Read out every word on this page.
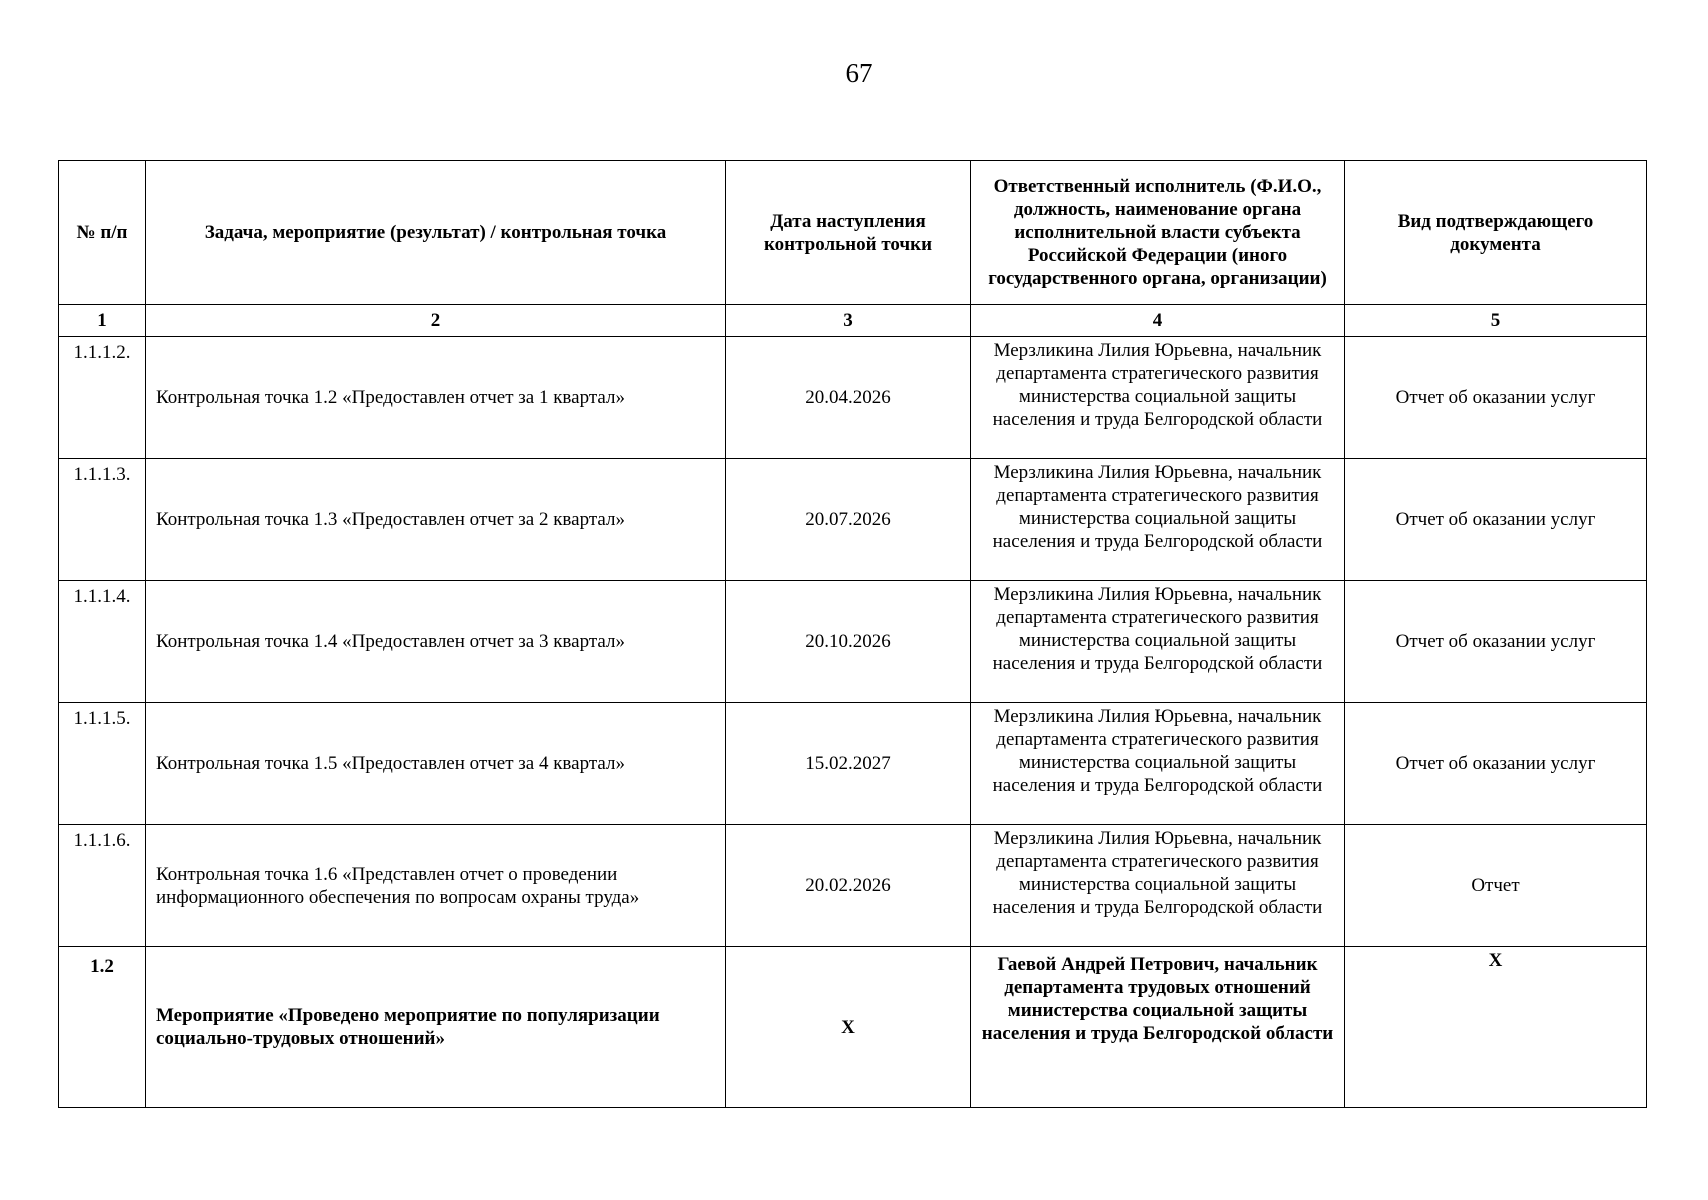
67
№ п/п	Задача, мероприятие (результат) / контрольная точка	Дата наступления контрольной точки	Ответственный исполнитель (Ф.И.О., должность, наименование органа исполнительной власти субъекта Российской Федерации (иного государственного органа, организации)	Вид подтверждающего документа
1	2	3	4	5
1.1.1.2.	Контрольная точка 1.2 «Предоставлен отчет за 1 квартал»	20.04.2026	Мерзликина Лилия Юрьевна, начальник департамента стратегического развития министерства социальной защиты населения и труда Белгородской области	Отчет об оказании услуг
1.1.1.3.	Контрольная точка 1.3 «Предоставлен отчет за 2 квартал»	20.07.2026	Мерзликина Лилия Юрьевна, начальник департамента стратегического развития министерства социальной защиты населения и труда Белгородской области	Отчет об оказании услуг
1.1.1.4.	Контрольная точка 1.4 «Предоставлен отчет за 3 квартал»	20.10.2026	Мерзликина Лилия Юрьевна, начальник департамента стратегического развития министерства социальной защиты населения и труда Белгородской области	Отчет об оказании услуг
1.1.1.5.	Контрольная точка 1.5 «Предоставлен отчет за 4 квартал»	15.02.2027	Мерзликина Лилия Юрьевна, начальник департамента стратегического развития министерства социальной защиты населения и труда Белгородской области	Отчет об оказании услуг
1.1.1.6.	Контрольная точка 1.6 «Представлен отчет о проведении информационного обеспечения по вопросам охраны труда»	20.02.2026	Мерзликина Лилия Юрьевна, начальник департамента стратегического развития министерства социальной защиты населения и труда Белгородской области	Отчет
1.2	Мероприятие «Проведено мероприятие по популяризации социально-трудовых отношений»	Х	Гаевой Андрей Петрович, начальник департамента трудовых отношений министерства социальной защиты населения и труда Белгородской области	Х
